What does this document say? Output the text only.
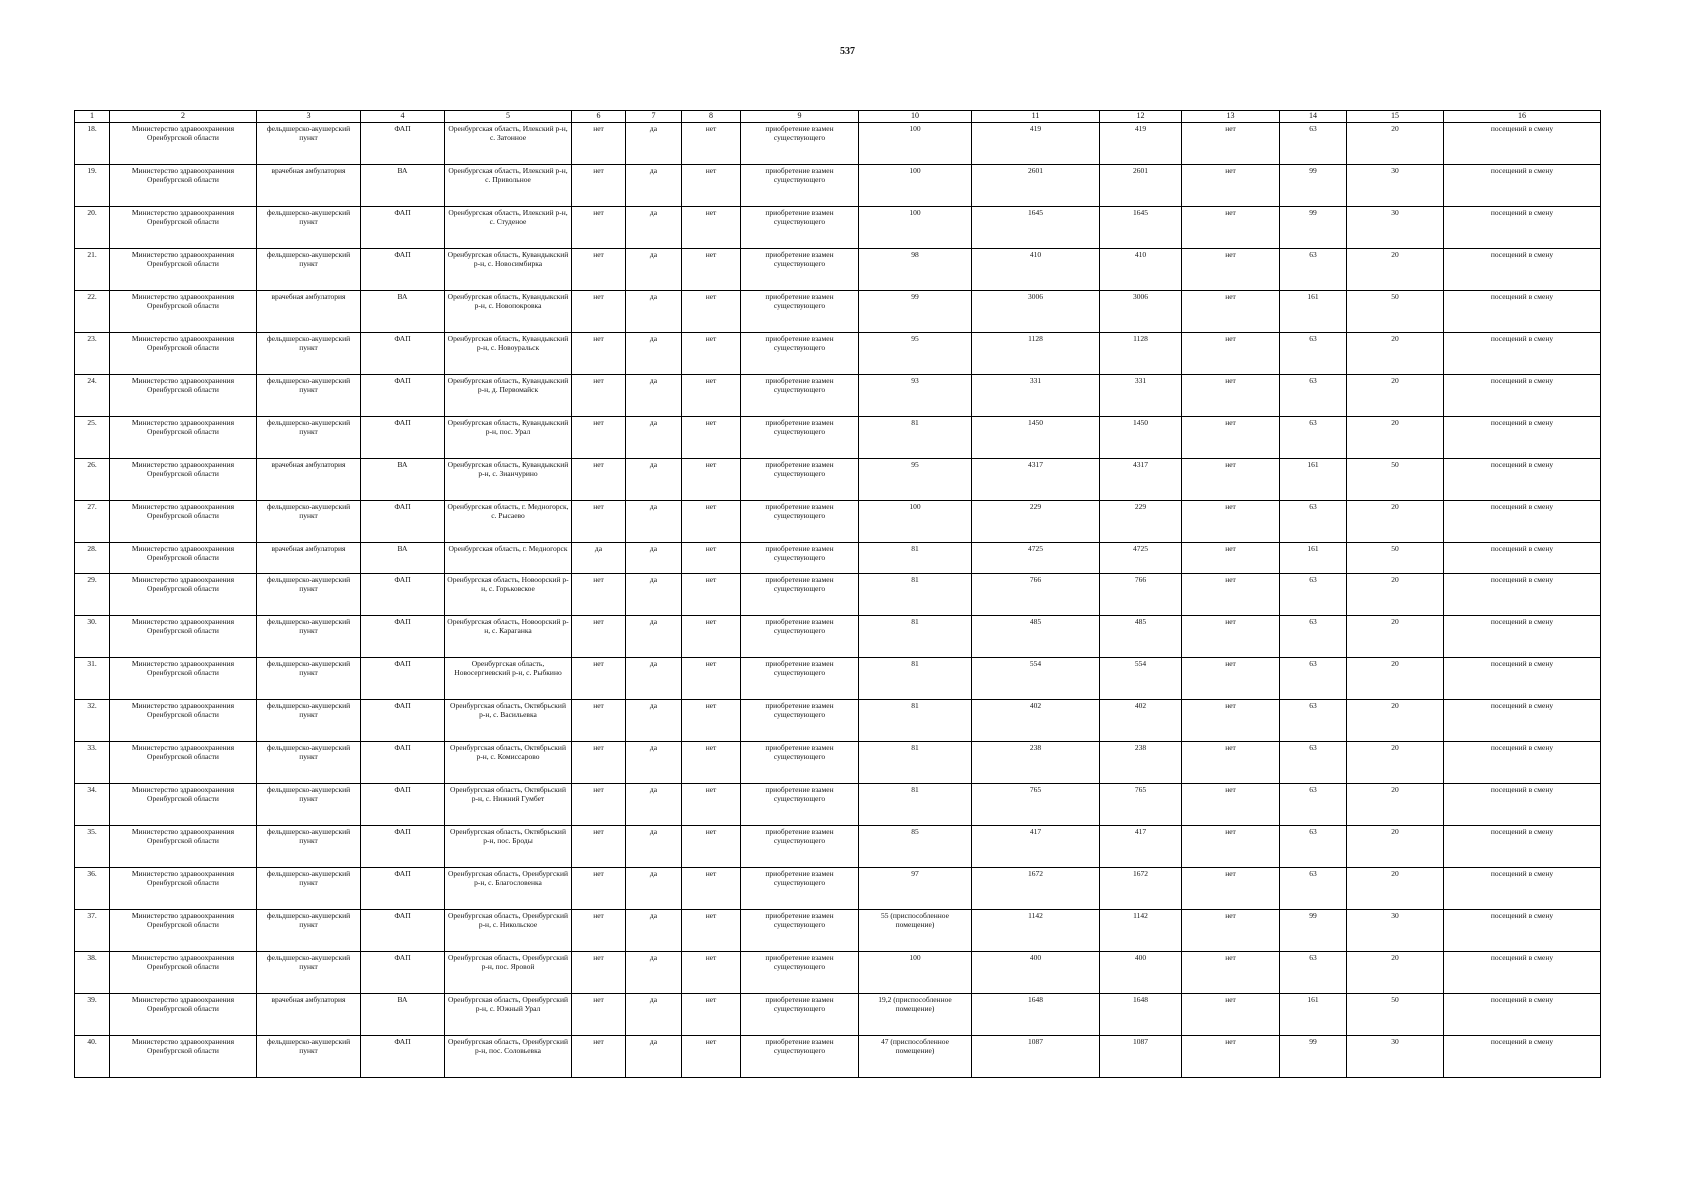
537
1	2	3	4	5	6	7	8	9	10	11	12	13	14	15	16
18.	Министерство здравоохранения Оренбургской области	фельдшерско-акушерский пункт	ФАП	Оренбургская область, Илекский р-н, с. Затонное	нет	да	нет	приобретение взамен существующего	100	419	419	нет	63	20	посещений в смену
19.	Министерство здравоохранения Оренбургской области	врачебная амбулатория	ВА	Оренбургская область, Илекский р-н, с. Привольное	нет	да	нет	приобретение взамен существующего	100	2601	2601	нет	99	30	посещений в смену
20.	Министерство здравоохранения Оренбургской области	фельдшерско-акушерский пункт	ФАП	Оренбургская область, Илекский р-н, с. Студеное	нет	да	нет	приобретение взамен существующего	100	1645	1645	нет	99	30	посещений в смену
21.	Министерство здравоохранения Оренбургской области	фельдшерско-акушерский пункт	ФАП	Оренбургская область, Кувандыкский р-н, с. Новосимбирка	нет	да	нет	приобретение взамен существующего	98	410	410	нет	63	20	посещений в смену
22.	Министерство здравоохранения Оренбургской области	врачебная амбулатория	ВА	Оренбургская область, Кувандыкский р-н, с. Новопокровка	нет	да	нет	приобретение взамен существующего	99	3006	3006	нет	161	50	посещений в смену
23.	Министерство здравоохранения Оренбургской области	фельдшерско-акушерский пункт	ФАП	Оренбургская область, Кувандыкский р-н, с. Новоуральск	нет	да	нет	приобретение взамен существующего	95	1128	1128	нет	63	20	посещений в смену
24.	Министерство здравоохранения Оренбургской области	фельдшерско-акушерский пункт	ФАП	Оренбургская область, Кувандыкский р-н, д. Первомайск	нет	да	нет	приобретение взамен существующего	93	331	331	нет	63	20	посещений в смену
25.	Министерство здравоохранения Оренбургской области	фельдшерско-акушерский пункт	ФАП	Оренбургская область, Кувандыкский р-н, пос. Урал	нет	да	нет	приобретение взамен существующего	81	1450	1450	нет	63	20	посещений в смену
26.	Министерство здравоохранения Оренбургской области	врачебная амбулатория	ВА	Оренбургская область, Кувандыкский р-н, с. Зианчурино	нет	да	нет	приобретение взамен существующего	95	4317	4317	нет	161	50	посещений в смену
27.	Министерство здравоохранения Оренбургской области	фельдшерско-акушерский пункт	ФАП	Оренбургская область, г. Медногорск, с. Рысаево	нет	да	нет	приобретение взамен существующего	100	229	229	нет	63	20	посещений в смену
28.	Министерство здравоохранения Оренбургской области	врачебная амбулатория	ВА	Оренбургская область, г. Медногорск	да	да	нет	приобретение взамен существующего	81	4725	4725	нет	161	50	посещений в смену
29.	Министерство здравоохранения Оренбургской области	фельдшерско-акушерский пункт	ФАП	Оренбургская область, Новоорский р-н, с. Горьковское	нет	да	нет	приобретение взамен существующего	81	766	766	нет	63	20	посещений в смену
30.	Министерство здравоохранения Оренбургской области	фельдшерско-акушерский пункт	ФАП	Оренбургская область, Новоорский р-н, с. Караганка	нет	да	нет	приобретение взамен существующего	81	485	485	нет	63	20	посещений в смену
31.	Министерство здравоохранения Оренбургской области	фельдшерско-акушерский пункт	ФАП	Оренбургская область, Новосергиевский р-н, с. Рыбкино	нет	да	нет	приобретение взамен существующего	81	554	554	нет	63	20	посещений в смену
32.	Министерство здравоохранения Оренбургской области	фельдшерско-акушерский пункт	ФАП	Оренбургская область, Октябрьский р-н, с. Васильевка	нет	да	нет	приобретение взамен существующего	81	402	402	нет	63	20	посещений в смену
33.	Министерство здравоохранения Оренбургской области	фельдшерско-акушерский пункт	ФАП	Оренбургская область, Октябрьский р-н, с. Комиссарово	нет	да	нет	приобретение взамен существующего	81	238	238	нет	63	20	посещений в смену
34.	Министерство здравоохранения Оренбургской области	фельдшерско-акушерский пункт	ФАП	Оренбургская область, Октябрьский р-н, с. Нижний Гумбет	нет	да	нет	приобретение взамен существующего	81	765	765	нет	63	20	посещений в смену
35.	Министерство здравоохранения Оренбургской области	фельдшерско-акушерский пункт	ФАП	Оренбургская область, Октябрьский р-н, пос. Броды	нет	да	нет	приобретение взамен существующего	85	417	417	нет	63	20	посещений в смену
36.	Министерство здравоохранения Оренбургской области	фельдшерско-акушерский пункт	ФАП	Оренбургская область, Оренбургский р-н, с. Благословенка	нет	да	нет	приобретение взамен существующего	97	1672	1672	нет	63	20	посещений в смену
37.	Министерство здравоохранения Оренбургской области	фельдшерско-акушерский пункт	ФАП	Оренбургская область, Оренбургский р-н, с. Никольское	нет	да	нет	приобретение взамен существующего	55 (приспособленное помещение)	1142	1142	нет	99	30	посещений в смену
38.	Министерство здравоохранения Оренбургской области	фельдшерско-акушерский пункт	ФАП	Оренбургская область, Оренбургский р-н, пос. Яровой	нет	да	нет	приобретение взамен существующего	100	400	400	нет	63	20	посещений в смену
39.	Министерство здравоохранения Оренбургской области	врачебная амбулатория	ВА	Оренбургская область, Оренбургский р-н, с. Южный Урал	нет	да	нет	приобретение взамен существующего	19,2 (приспособленное помещение)	1648	1648	нет	161	50	посещений в смену
40.	Министерство здравоохранения Оренбургской области	фельдшерско-акушерский пункт	ФАП	Оренбургская область, Оренбургский р-н, пос. Соловьевка	нет	да	нет	приобретение взамен существующего	47 (приспособленное помещение)	1087	1087	нет	99	30	посещений в смену
